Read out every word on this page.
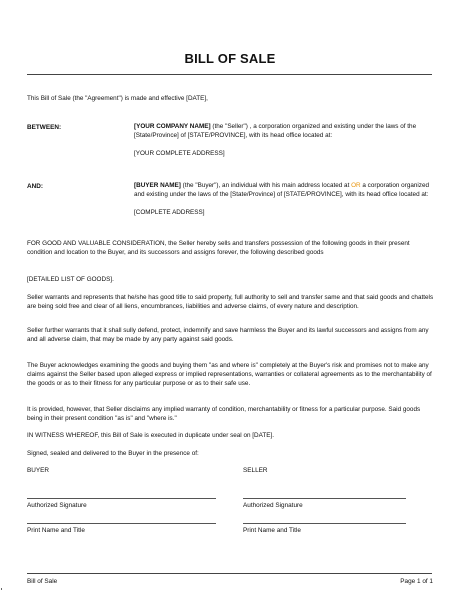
BILL OF SALE

This Bill of Sale (the "Agreement") is made and effective [DATE],

BETWEEN:	[YOUR COMPANY NAME] (the "Seller") , a corporation organized and existing under the laws of the [State/Province] of [STATE/PROVINCE], with its head office located at:

[YOUR COMPLETE ADDRESS]

AND:	[BUYER NAME] (the "Buyer"), an individual with his main address located at OR a corporation organized and existing under the laws of the [State/Province] of [STATE/PROVINCE], with its head office located at:

[COMPLETE ADDRESS]

FOR GOOD AND VALUABLE CONSIDERATION, the Seller hereby sells and transfers possession of the following goods in their present condition and location to the Buyer, and its successors and assigns forever, the following described goods

[DETAILED LIST OF GOODS].

Seller warrants and represents that he/she has good title to said property, full authority to sell and transfer same and that said goods and chattels are being sold free and clear of all liens, encumbrances, liabilities and adverse claims, of every nature and description.

Seller further warrants that it shall sully defend, protect, indemnify and save harmless the Buyer and its lawful successors and assigns from any and all adverse claim, that may be made by any party against said goods.

The Buyer acknowledges examining the goods and buying them "as and where is" completely at the Buyer's risk and promises not to make any claims against the Seller based upon alleged express or implied representations, warranties or collateral agreements as to the merchantability of the goods or as to their fitness for any particular purpose or as to their safe use.

It is provided, however, that Seller disclaims any implied warranty of condition, merchantability or fitness for a particular purpose. Said goods being in their present condition "as is" and "where is."

IN WITNESS WHEREOF, this Bill of Sale is executed in duplicate under seal on [DATE].

Signed, sealed and delivered to the Buyer in the presence of:

BUYER	SELLER
Authorized Signature	Authorized Signature
Print Name and Title	Print Name and Title
Bill of Sale	Page 1 of 1
